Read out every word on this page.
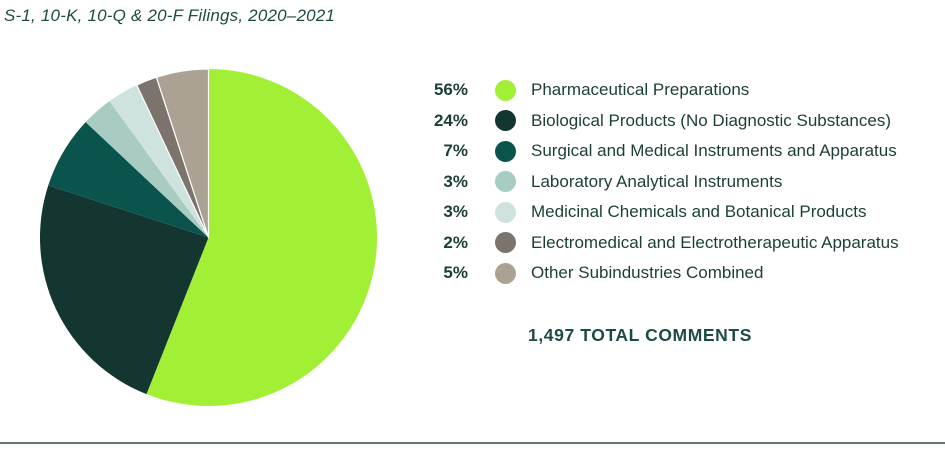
S-1, 10-K, 10-Q & 20-F Filings, 2020–2021
56%	Pharmaceutical Preparations
24%	Biological Products (No Diagnostic Substances)
7%	Surgical and Medical Instruments and Apparatus
3%	Laboratory Analytical Instruments
3%	Medicinal Chemicals and Botanical Products
2%	Electromedical and Electrotherapeutic Apparatus
5%	Other Subindustries Combined
1,497 TOTAL COMMENTS
